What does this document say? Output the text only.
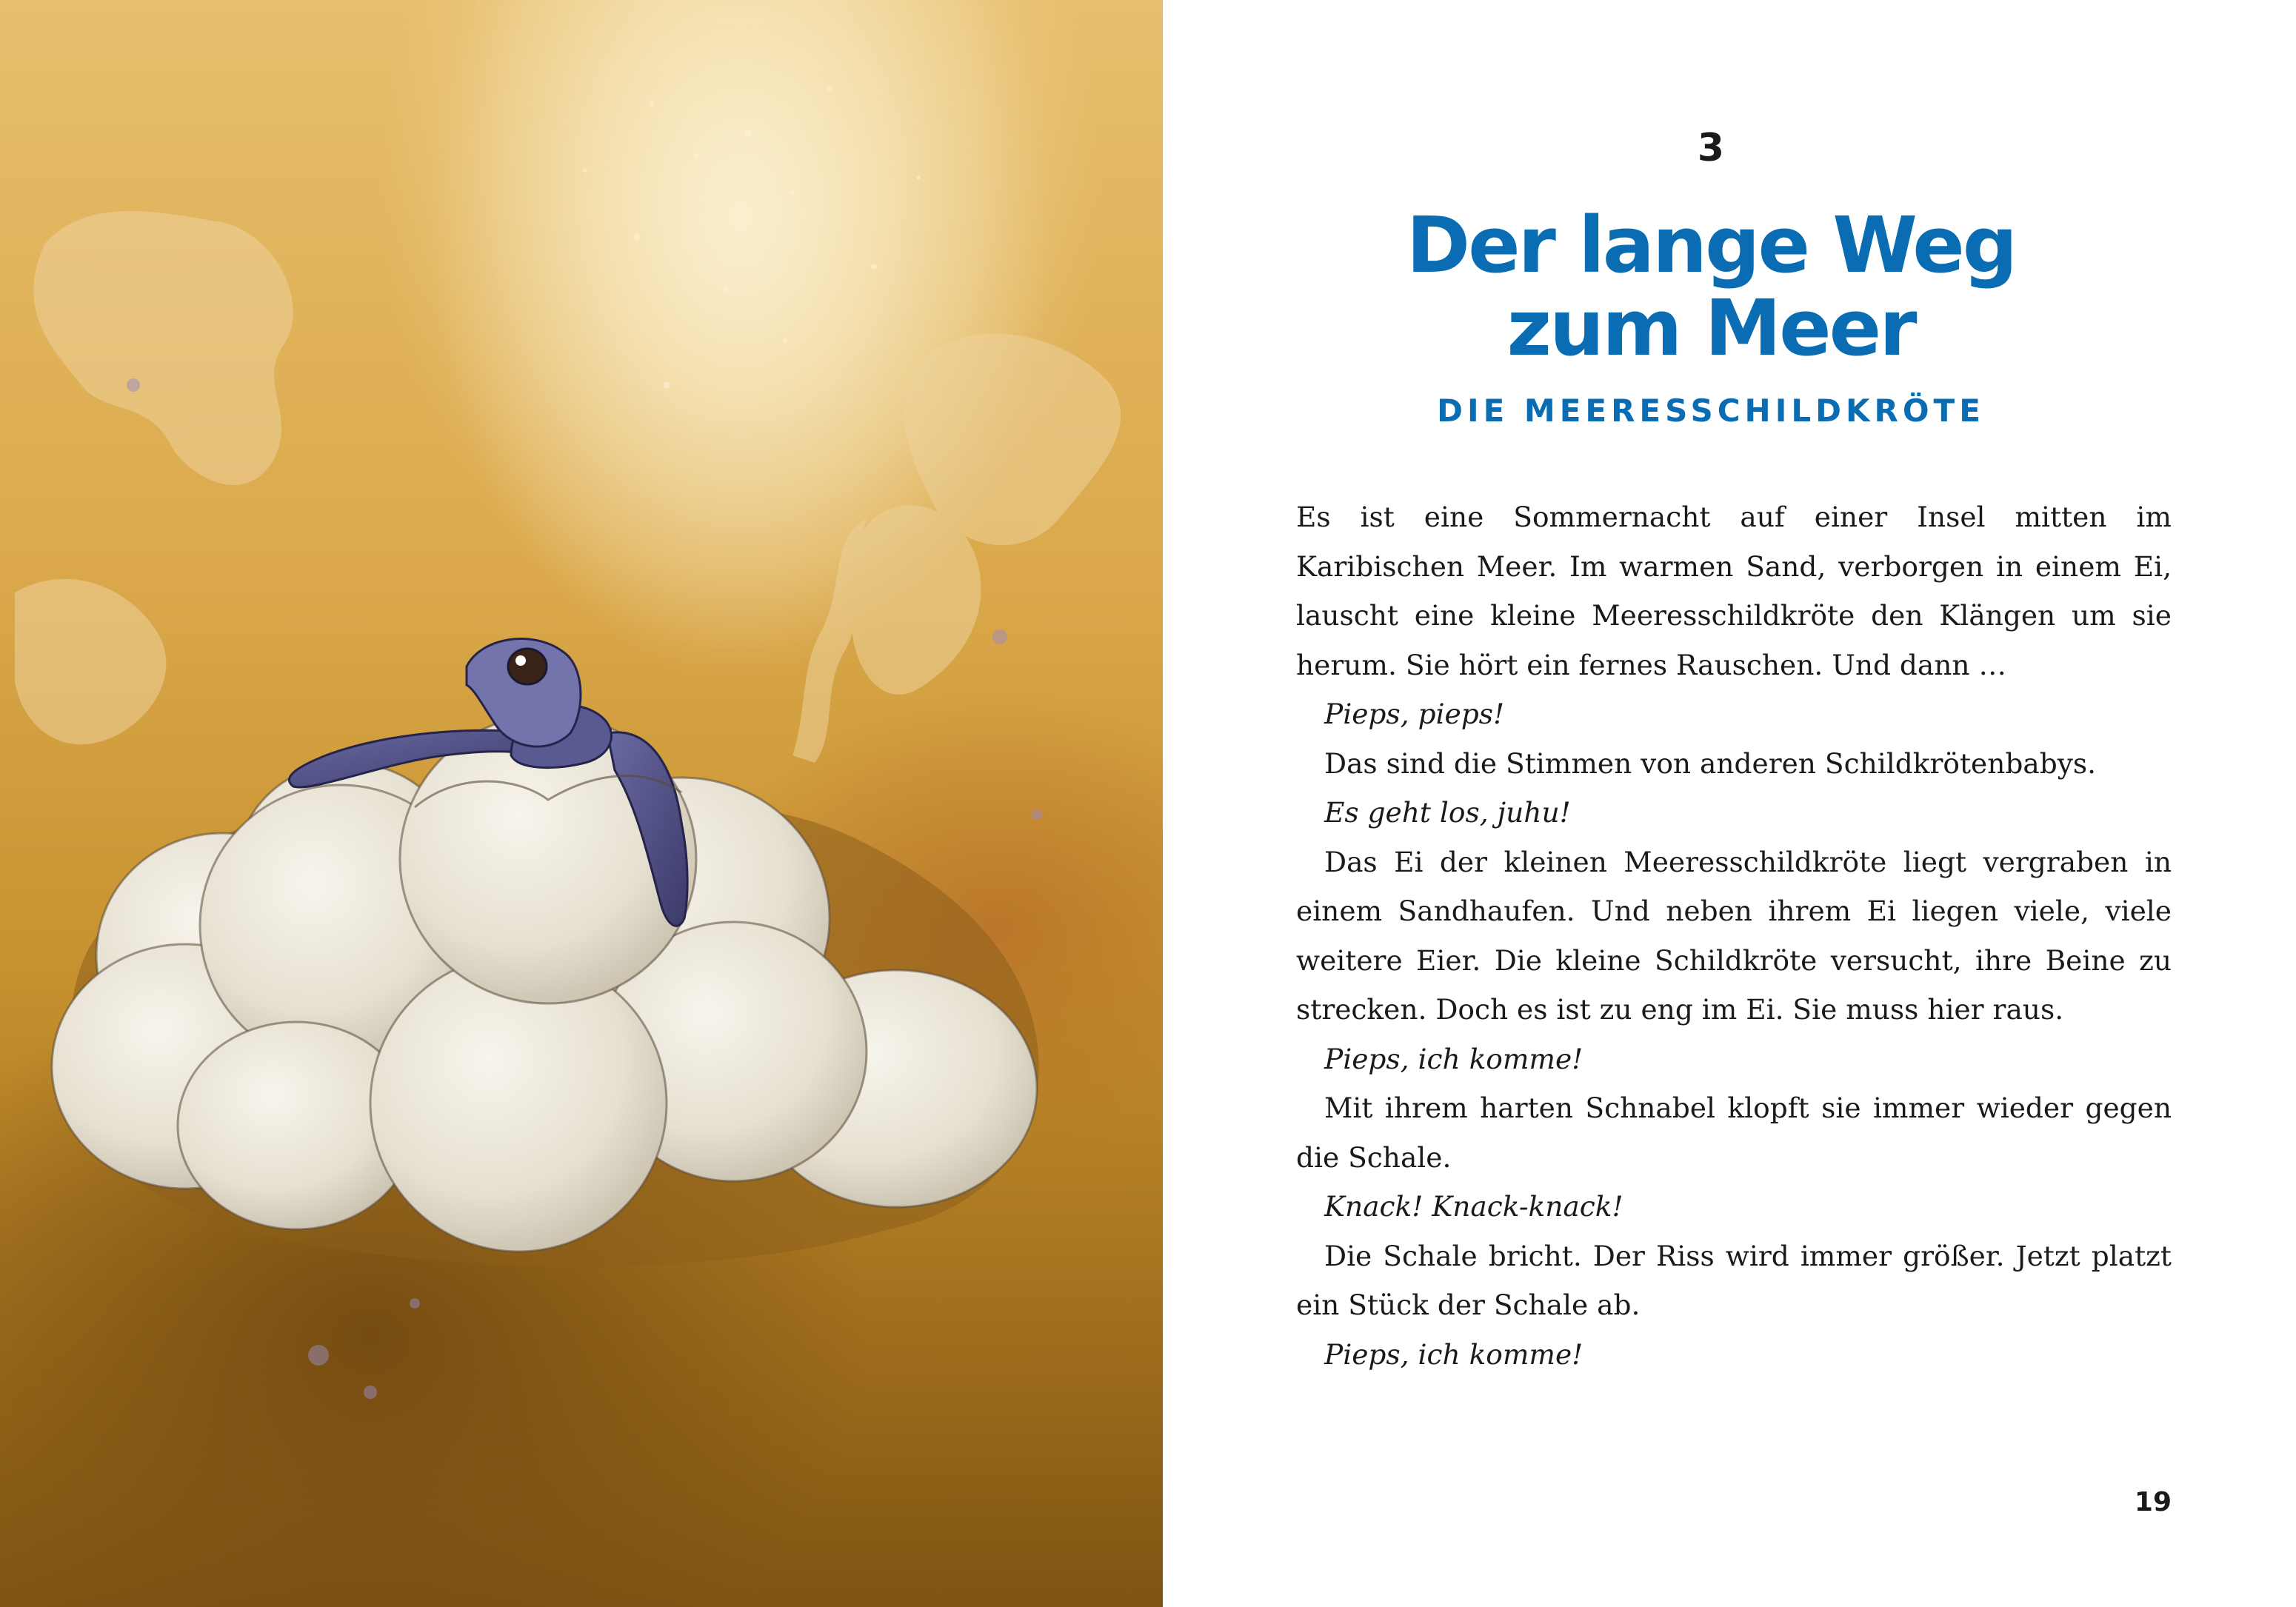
3
Der lange Weg
zum Meer
DIE MEERESSCHILDKRÖTE

Es ist eine Sommernacht auf einer Insel mitten im Karibischen Meer. Im warmen Sand, verborgen in einem Ei, lauscht eine kleine Meeresschildkröte den Klängen um sie herum. Sie hört ein fernes Rauschen. Und dann …

Pieps, pieps!

Das sind die Stimmen von anderen Schildkrötenbabys.

Es geht los, juhu!

Das Ei der kleinen Meeresschildkröte liegt vergraben in einem Sandhaufen. Und neben ihrem Ei liegen viele, viele weitere Eier. Die kleine Schildkröte versucht, ihre Beine zu strecken. Doch es ist zu eng im Ei. Sie muss hier raus.

Pieps, ich komme!

Mit ihrem harten Schnabel klopft sie immer wieder gegen die Schale.

Knack! Knack-knack!

Die Schale bricht. Der Riss wird immer größer. Jetzt platzt ein Stück der Schale ab.

Pieps, ich komme!

19
